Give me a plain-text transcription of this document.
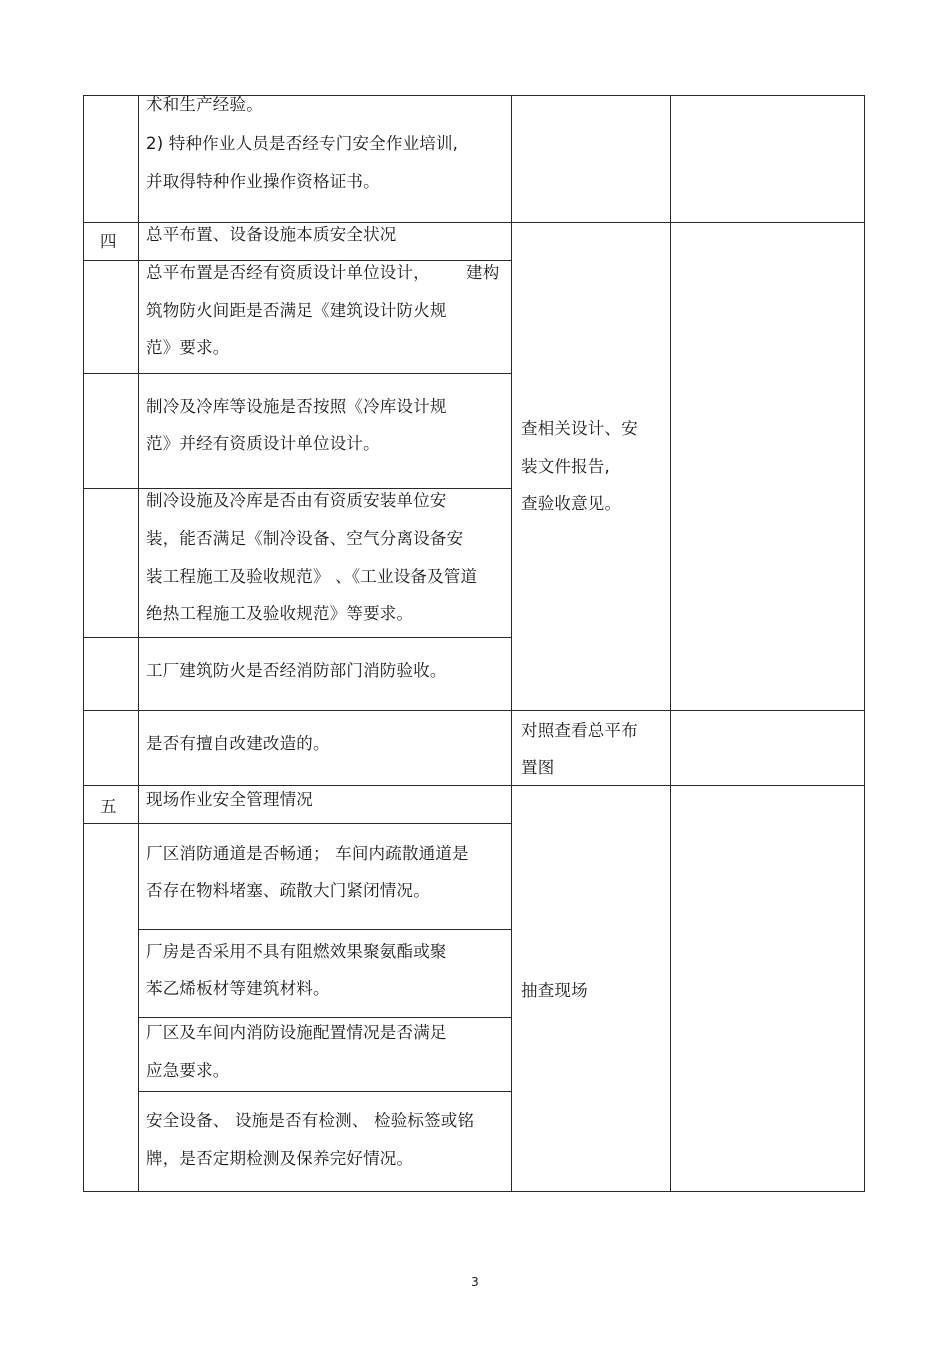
术和生产经验。
2) 特种作业人员是否经专门安全作业培训,
并取得特种作业操作资格证书。
四 总平布置、设备设施本质安全状况
总平布置是否经有资质设计单位设计， 建构
筑物防火间距是否满足《建筑设计防火规
范》要求。
制冷及冷库等设施是否按照《冷库设计规
范》并经有资质设计单位设计。
制冷设施及冷库是否由有资质安装单位安
装，能否满足《制冷设备、空气分离设备安
装工程施工及验收规范》 、《工业设备及管道
绝热工程施工及验收规范》等要求。
工厂建筑防火是否经消防部门消防验收。
是否有擅自改建改造的。
查相关设计、安
装文件报告,
查验收意见。
对照查看总平布
置图
五 现场作业安全管理情况
厂区消防通道是否畅通； 车间内疏散通道是
否存在物料堵塞、疏散大门紧闭情况。
厂房是否采用不具有阻燃效果聚氨酯或聚
苯乙烯板材等建筑材料。
厂区及车间内消防设施配置情况是否满足
应急要求。
安全设备、 设施是否有检测、 检验标签或铭
牌，是否定期检测及保养完好情况。
抽查现场
3
